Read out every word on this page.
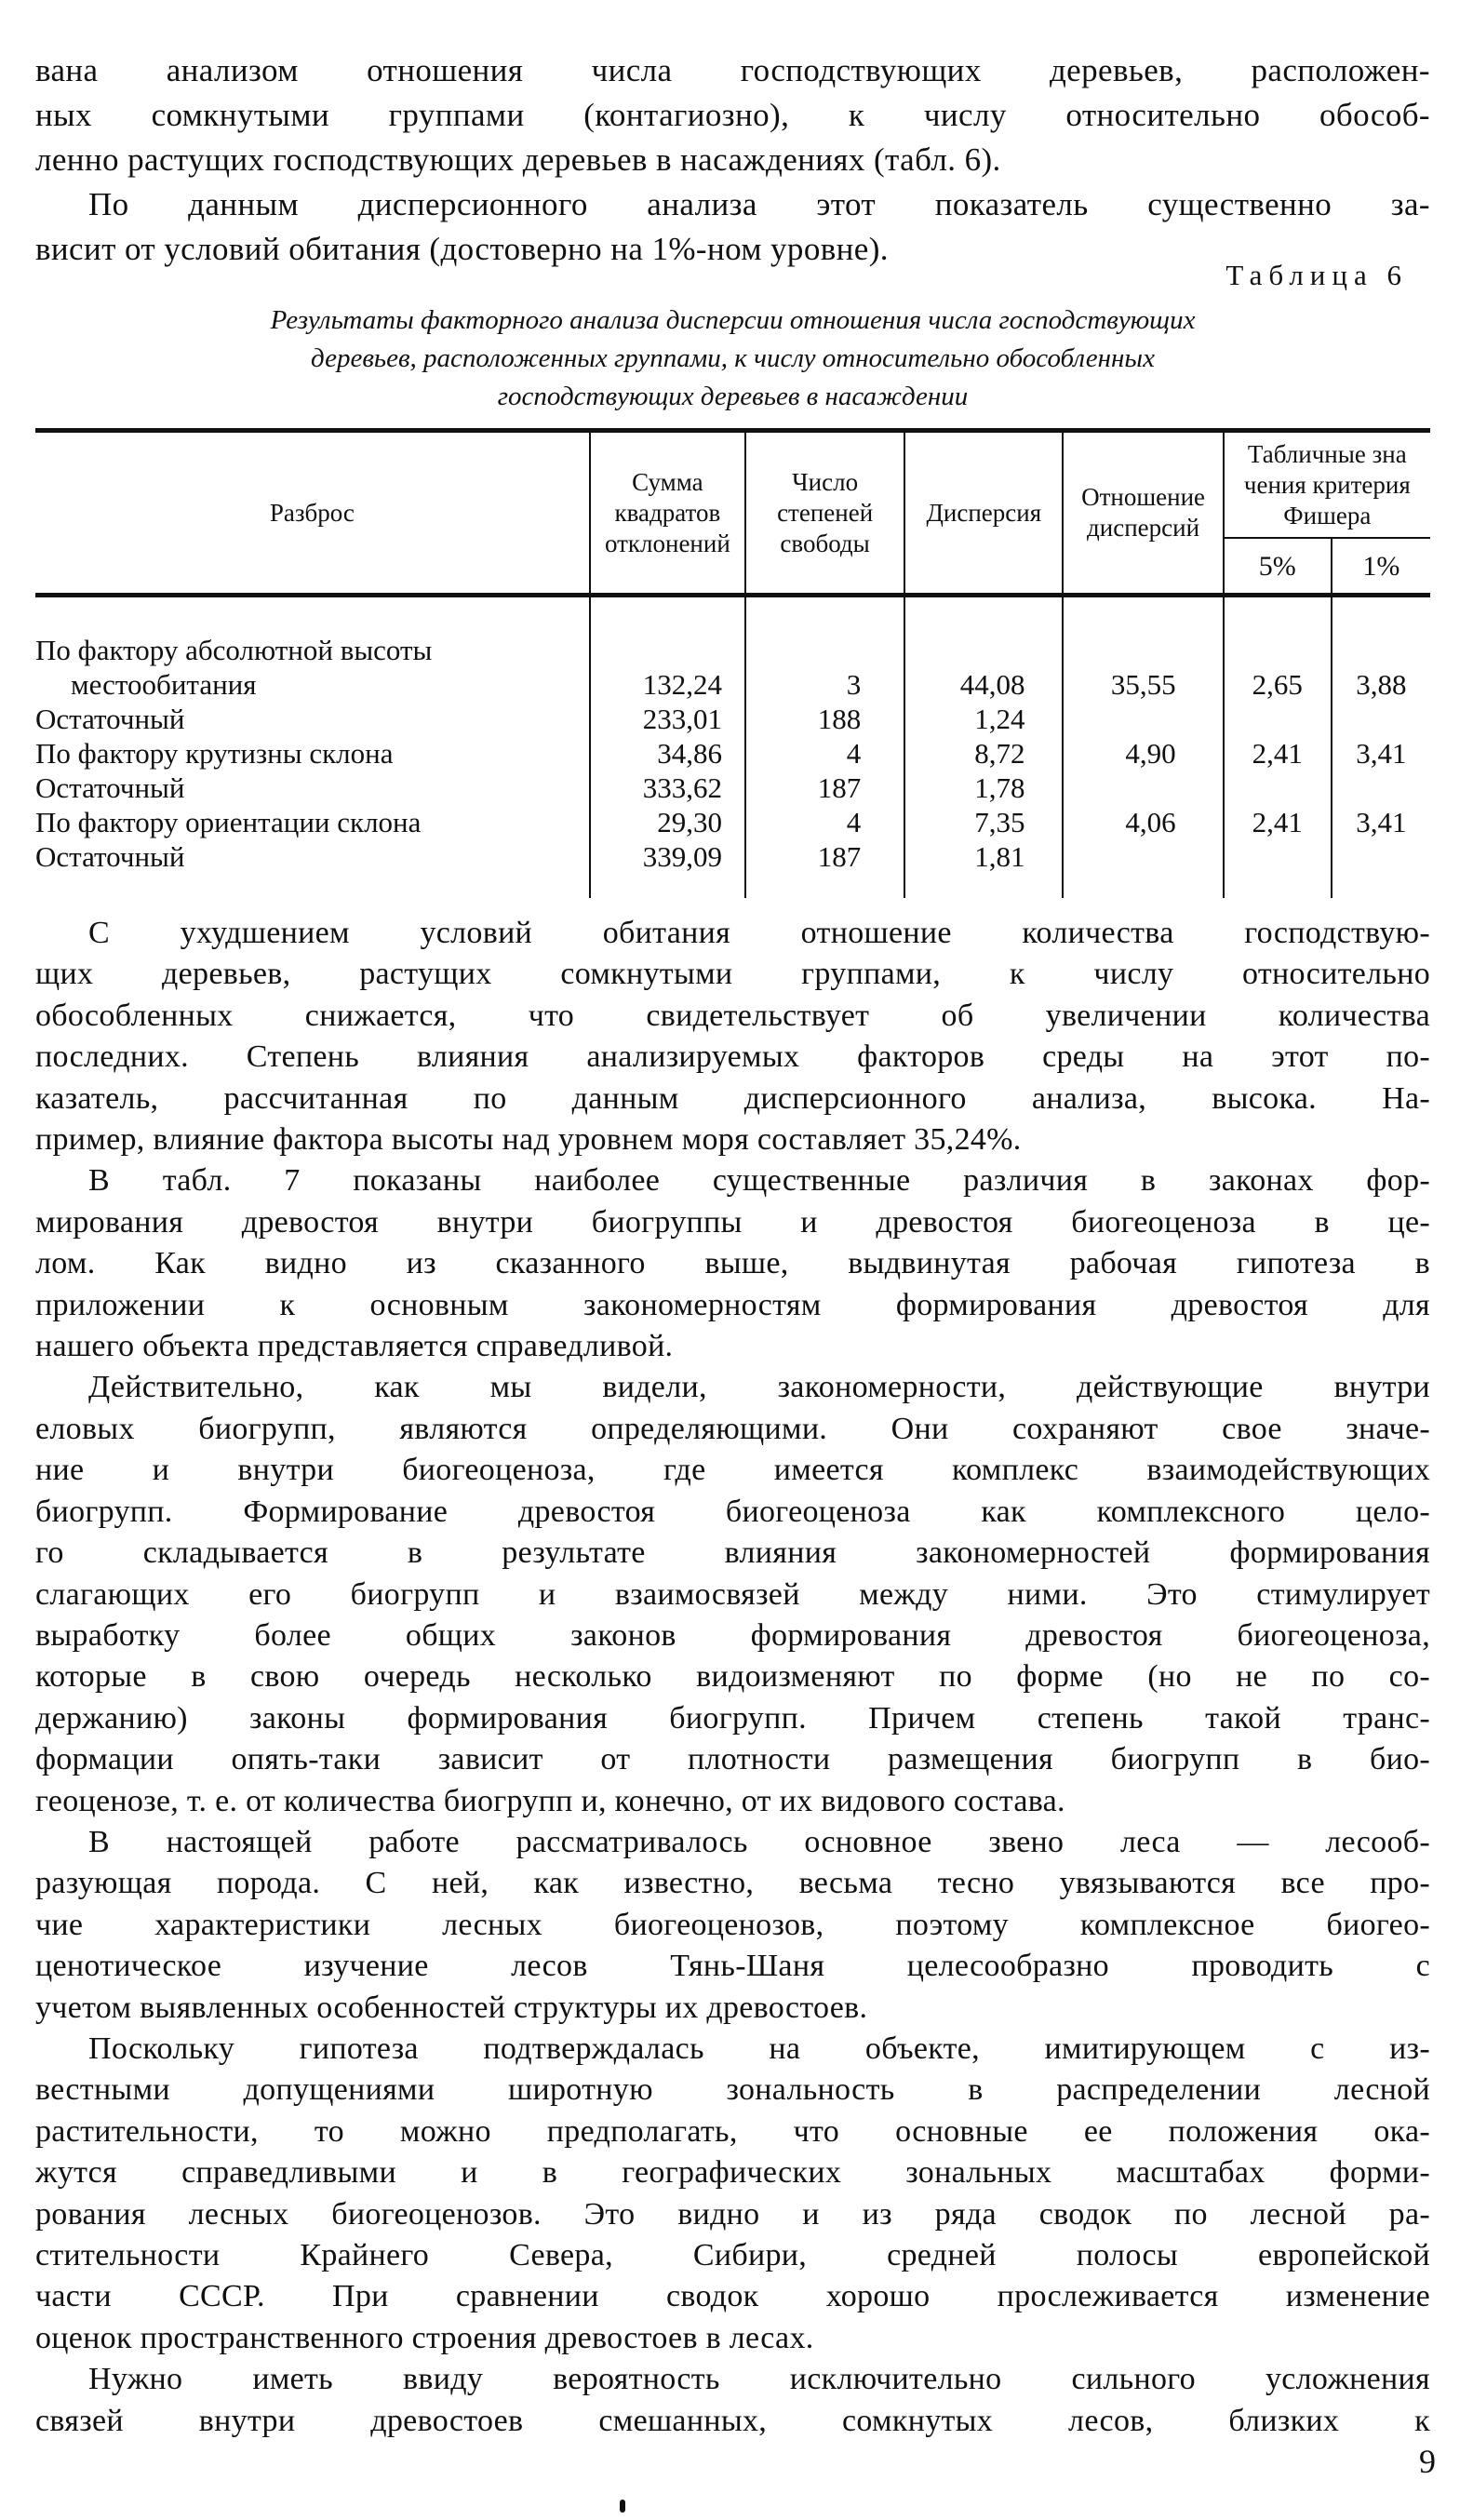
вана анализом отношения числа господствующих деревьев, расположен-
ных сомкнутыми группами (контагиозно), к числу относительно обособ-
ленно растущих господствующих деревьев в насаждениях (табл. 6).
По данным дисперсионного анализа этот показатель существенно за-
висит от условий обитания (достоверно на 1%-ном уровне).
Таблица 6
Результаты факторного анализа дисперсии отношения числа господствующих
деревьев, расположенных группами, к числу относительно обособленных
господствующих деревьев в насаждении
Разброс	
Сумма
квадратов
отклонений

Число
степеней
свободы
	Дисперсия	
Отношение
дисперсий

Табличные зна
чения критерия
Фишера

					5%	1%

По фактору абсолютной высоты
местообитания	132,24	3	44,08	35,55	2,65	3,88

Остаточный	233,01	188	1,24			

По фактору крутизны склона	34,86	4	8,72	4,90	2,41	3,41

Остаточный	333,62	187	1,78			

По фактору ориентации склона	29,30	4	7,35	4,06	2,41	3,41

Остаточный	339,09	187	1,81			

С ухудшением условий обитания отношение количества господствую-
щих деревьев, растущих сомкнутыми группами, к числу относительно
обособленных снижается, что свидетельствует об увеличении количества
последних. Степень влияния анализируемых факторов среды на этот по-
казатель, рассчитанная по данным дисперсионного анализа, высока. На-
пример, влияние фактора высоты над уровнем моря составляет 35,24%.
В табл. 7 показаны наиболее существенные различия в законах фор-
мирования древостоя внутри биогруппы и древостоя биогеоценоза в це-
лом. Как видно из сказанного выше, выдвинутая рабочая гипотеза в
приложении к основным закономерностям формирования древостоя для
нашего объекта представляется справедливой.
Действительно, как мы видели, закономерности, действующие внутри
еловых биогрупп, являются определяющими. Они сохраняют свое значе-
ние и внутри биогеоценоза, где имеется комплекс взаимодействующих
биогрупп. Формирование древостоя биогеоценоза как комплексного цело-
го складывается в результате влияния закономерностей формирования
слагающих его биогрупп и взаимосвязей между ними. Это стимулирует
выработку более общих законов формирования древостоя биогеоценоза,
которые в свою очередь несколько видоизменяют по форме (но не по со-
держанию) законы формирования биогрупп. Причем степень такой транс-
формации опять-таки зависит от плотности размещения биогрупп в био-
геоценозе, т. е. от количества биогрупп и, конечно, от их видового состава.
В настоящей работе рассматривалось основное звено леса — лесооб-
разующая порода. С ней, как известно, весьма тесно увязываются все про-
чие характеристики лесных биогеоценозов, поэтому комплексное биогео-
ценотическое изучение лесов Тянь-Шаня целесообразно проводить с
учетом выявленных особенностей структуры их древостоев.
Поскольку гипотеза подтверждалась на объекте, имитирующем с из-
вестными допущениями широтную зональность в распределении лесной
растительности, то можно предполагать, что основные ее положения ока-
жутся справедливыми и в географических зональных масштабах форми-
рования лесных биогеоценозов. Это видно и из ряда сводок по лесной ра-
стительности Крайнего Севера, Сибири, средней полосы европейской
части СССР. При сравнении сводок хорошо прослеживается изменение
оценок пространственного строения древостоев в лесах.
Нужно иметь ввиду вероятность исключительно сильного усложнения
связей внутри древостоев смешанных, сомкнутых лесов, близких к
9
